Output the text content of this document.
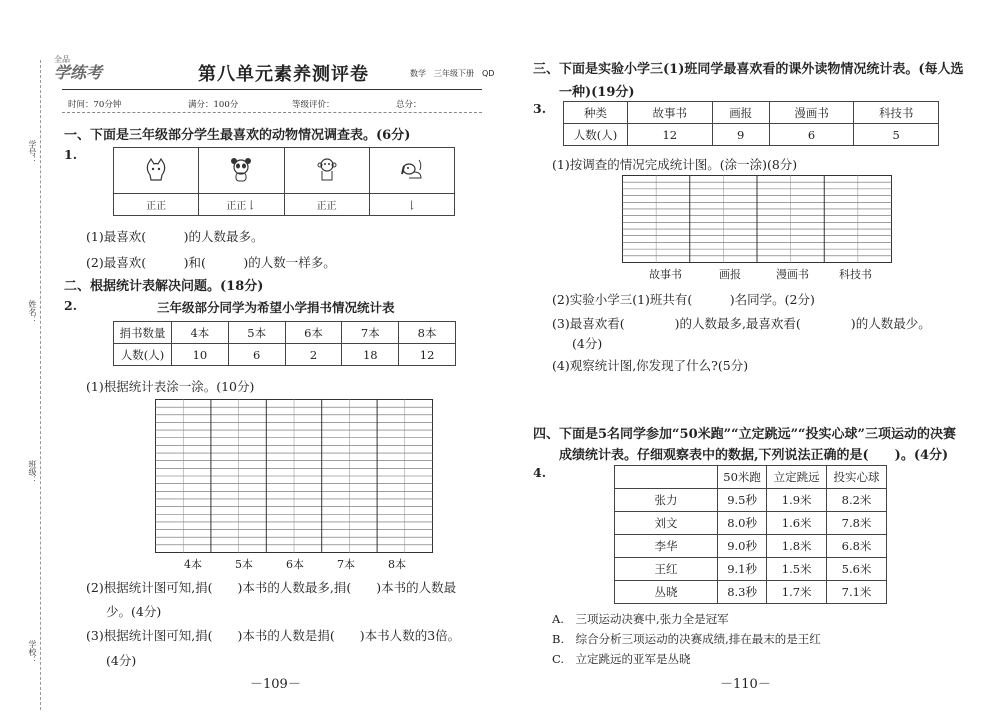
学号：
姓名：
班级：
学校：
全品
学练考	第八单元素养测评卷	数学　三年级下册　QD
时间：70分钟	满分：100分	等级评价：	总分：
一、下面是三年级部分学生最喜欢的动物情况调查表。(6分)
1.

正正	正正𠄌	正正	𠄌
(1)最喜欢(　　　)的人数最多。
(2)最喜欢(　　　)和(　　　)的人数一样多。
二、根据统计表解决问题。(18分)
2.	三年级部分同学为希望小学捐书情况统计表
捐书数量	4本	5本	6本	7本	8本
人数(人)	10	6	2	18	12
(1)根据统计表涂一涂。(10分)
4本	5本	6本	7本	8本
(2)根据统计图可知,捐(　　)本书的人数最多,捐(　　)本书的人数最
少。(4分)
(3)根据统计图可知,捐(　　)本书的人数是捐(　　)本书人数的3倍。
(4分)
－109－
三、下面是实验小学三(1)班同学最喜欢看的课外读物情况统计表。(每人选
一种)(19分)
3.	种类	故事书	画报	漫画书	科技书
人数(人)	12	9	6	5
(1)按调查的情况完成统计图。(涂一涂)(8分)
故事书	画报	漫画书	科技书
(2)实验小学三(1)班共有(　　　)名同学。(2分)
(3)最喜欢看(　　　　)的人数最多,最喜欢看(　　　　)的人数最少。
(4分)
(4)观察统计图,你发现了什么?(5分)
四、下面是5名同学参加“50米跑”“立定跳远”“投实心球”三项运动的决赛
成绩统计表。仔细观察表中的数据,下列说法正确的是(　　)。(4分)
4.
		50米跑	立定跳远	投实心球
张力	9.5秒	1.9米	8.2米
刘文	8.0秒	1.6米	7.8米
李华	9.0秒	1.8米	6.8米
王红	9.1秒	1.5米	5.6米
丛晓	8.3秒	1.7米	7.1米
A.　三项运动决赛中,张力全是冠军
B.　综合分析三项运动的决赛成绩,排在最末的是王红
C.　立定跳远的亚军是丛晓
－110－
